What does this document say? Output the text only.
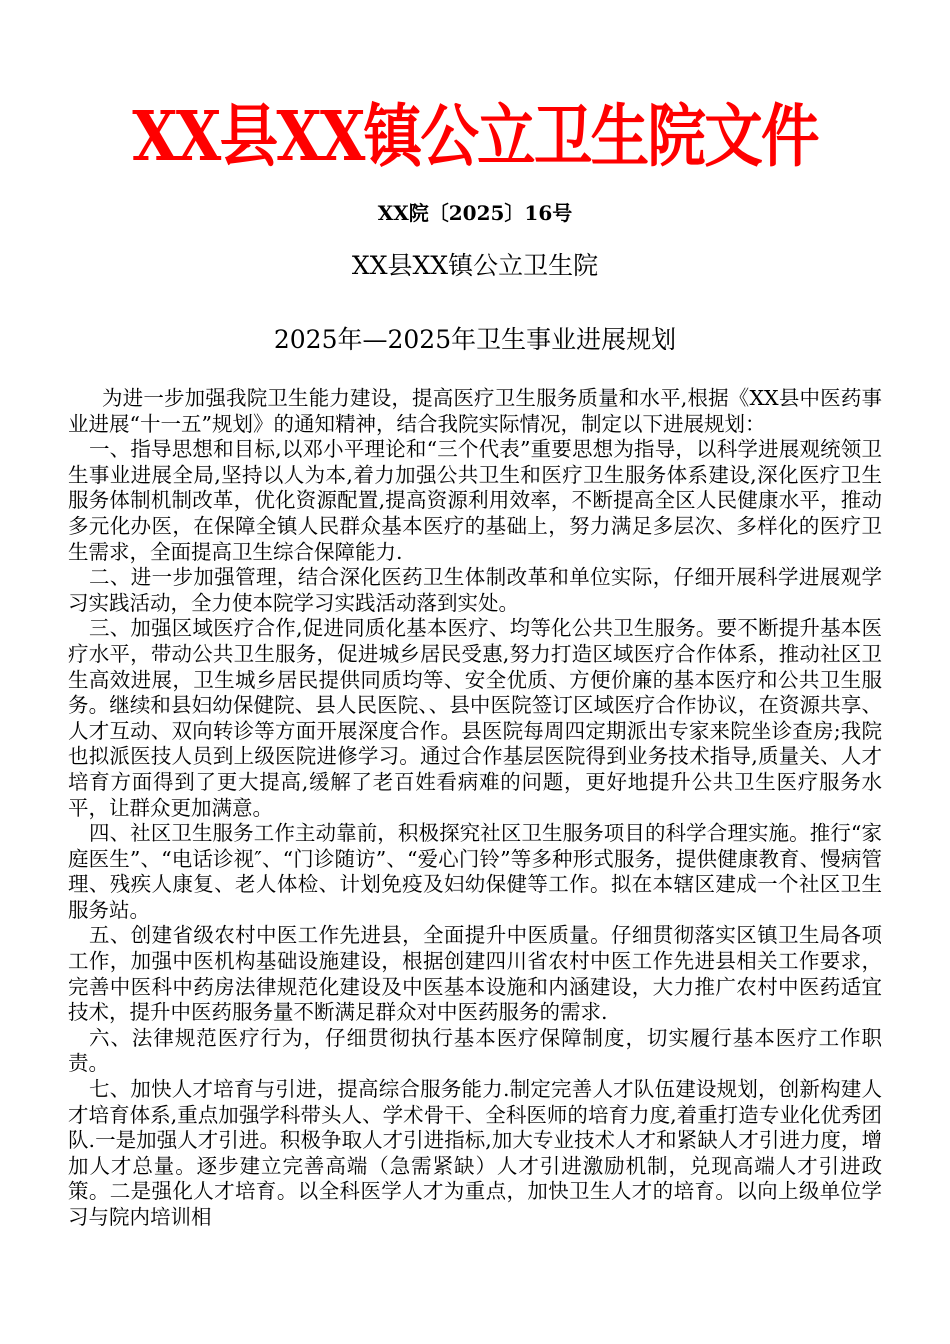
XX县XX镇公立卫生院文件
XX院〔2025〕16号
XX县XX镇公立卫生院
2025年—2025年卫生事业进展规划

为进一步加强我院卫生能力建设，提高医疗卫生服务质量和水平,根据《XX县中医药事业进展“十一五”规划》的通知精神，结合我院实际情况，制定以下进展规划：

一、指导思想和目标,以邓小平理论和“三个代表”重要思想为指导，以科学进展观统领卫生事业进展全局,坚持以人为本,着力加强公共卫生和医疗卫生服务体系建设,深化医疗卫生服务体制机制改革，优化资源配置,提高资源利用效率，不断提高全区人民健康水平，推动多元化办医，在保障全镇人民群众基本医疗的基础上，努力满足多层次、多样化的医疗卫生需求，全面提高卫生综合保障能力.

二、进一步加强管理，结合深化医药卫生体制改革和单位实际，仔细开展科学进展观学习实践活动，全力使本院学习实践活动落到实处。

三、加强区域医疗合作,促进同质化基本医疗、均等化公共卫生服务。要不断提升基本医疗水平，带动公共卫生服务，促进城乡居民受惠,努力打造区域医疗合作体系，推动社区卫生高效进展，卫生城乡居民提供同质均等、安全优质、方便价廉的基本医疗和公共卫生服务。继续和县妇幼保健院、县人民医院、、县中医院签订区域医疗合作协议，在资源共享、人才互动、双向转诊等方面开展深度合作。县医院每周四定期派出专家来院坐诊查房;我院也拟派医技人员到上级医院进修学习。通过合作基层医院得到业务技术指导,质量关、人才培育方面得到了更大提高,缓解了老百姓看病难的问题，更好地提升公共卫生医疗服务水平，让群众更加满意。

四、社区卫生服务工作主动靠前，积极探究社区卫生服务项目的科学合理实施。推行“家庭医生”、“电话诊视″、“门诊随访”、“爱心门铃”等多种形式服务，提供健康教育、慢病管理、残疾人康复、老人体检、计划免疫及妇幼保健等工作。拟在本辖区建成一个社区卫生服务站。

五、创建省级农村中医工作先进县，全面提升中医质量。仔细贯彻落实区镇卫生局各项工作，加强中医机构基础设施建设，根据创建四川省农村中医工作先进县相关工作要求，完善中医科中药房法律规范化建设及中医基本设施和内涵建设，大力推广农村中医药适宜技术，提升中医药服务量不断满足群众对中医药服务的需求.

六、法律规范医疗行为，仔细贯彻执行基本医疗保障制度，切实履行基本医疗工作职责。

七、加快人才培育与引进，提高综合服务能力.制定完善人才队伍建设规划，创新构建人才培育体系,重点加强学科带头人、学术骨干、全科医师的培育力度,着重打造专业化优秀团队.一是加强人才引进。积极争取人才引进指标,加大专业技术人才和紧缺人才引进力度，增加人才总量。逐步建立完善高端（急需紧缺）人才引进激励机制，兑现高端人才引进政策。二是强化人才培育。以全科医学人才为重点，加快卫生人才的培育。以向上级单位学习与院内培训相
